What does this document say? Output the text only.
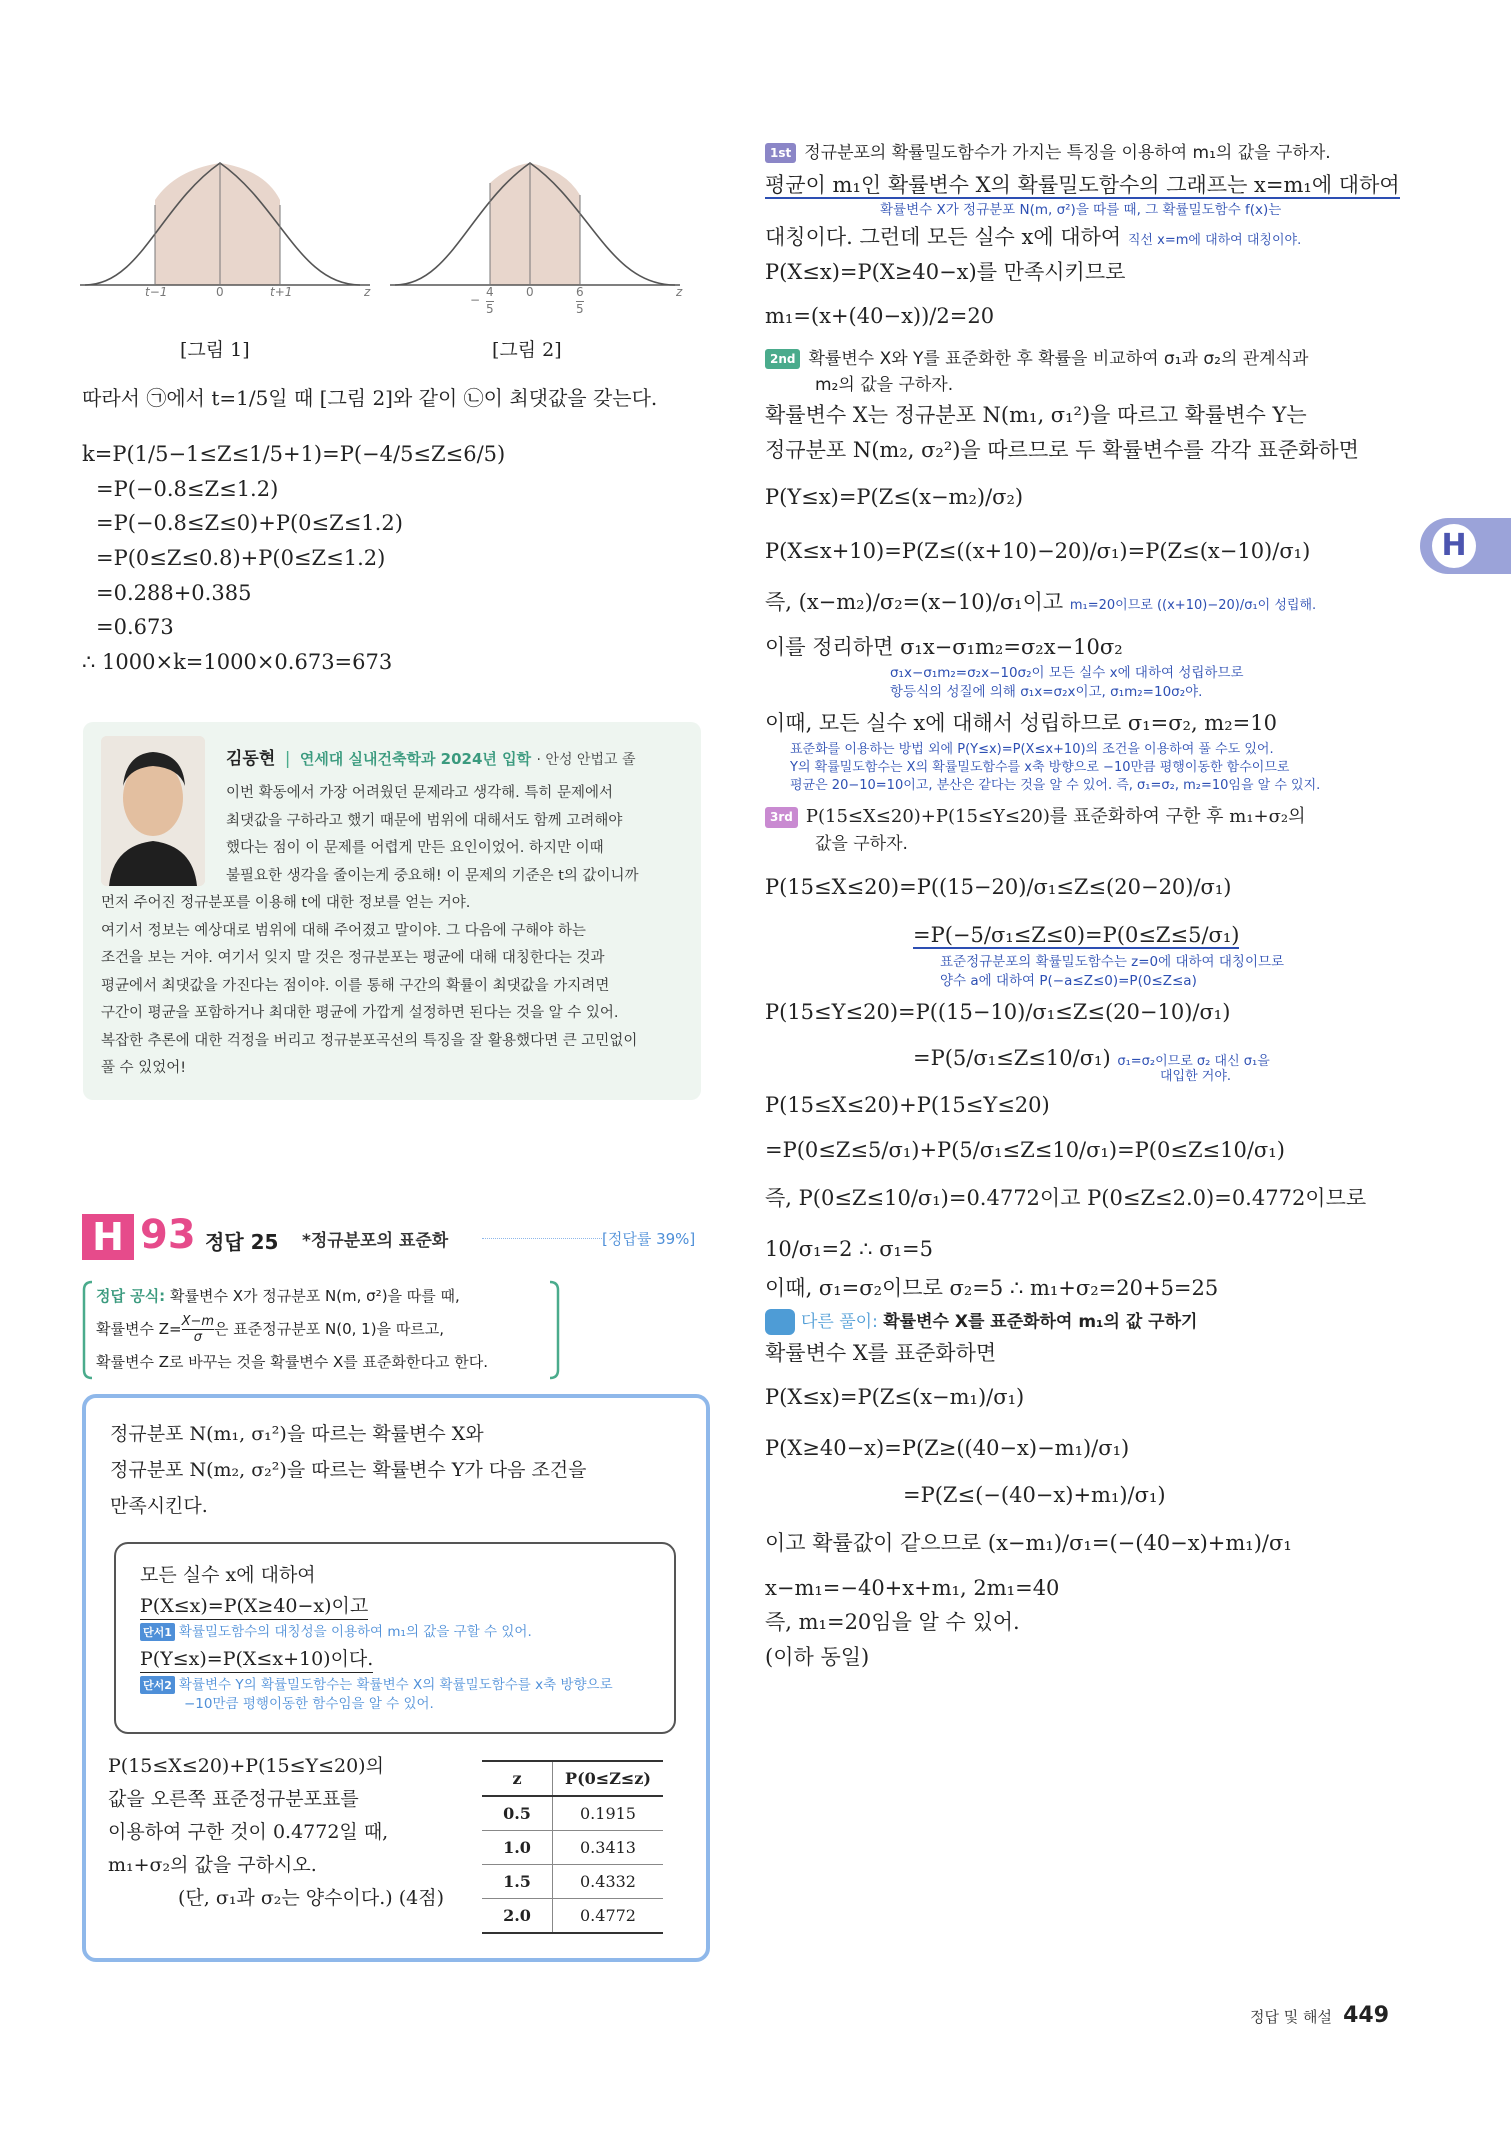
t−1	0	t+1	z
[그림 1]
−
4
5
0	6
5
z
[그림 2]
따라서 ㉠에서 t=1/5일 때 [그림 2]와 같이 ㉡이 최댓값을 갖는다.
k=P(1/5−1≤Z≤1/5+1)=P(−4/5≤Z≤6/5)
=P(−0.8≤Z≤1.2)
=P(−0.8≤Z≤0)+P(0≤Z≤1.2)
=P(0≤Z≤0.8)+P(0≤Z≤1.2)
=0.288+0.385
=0.673
∴ 1000×k=1000×0.673=673
김동현 | 연세대 실내건축학과 2024년 입학 · 안성 안법고 졸
이번 확동에서 가장 어려웠던 문제라고 생각해. 특히 문제에서
최댓값을 구하라고 했기 때문에 범위에 대해서도 함께 고려해야
했다는 점이 이 문제를 어렵게 만든 요인이었어. 하지만 이때
불필요한 생각을 줄이는게 중요해! 이 문제의 기준은 t의 값이니까
먼저 주어진 정규분포를 이용해 t에 대한 정보를 얻는 거야.
여기서 정보는 예상대로 범위에 대해 주어졌고 말이야. 그 다음에 구해야 하는
조건을 보는 거야. 여기서 잊지 말 것은 정규분포는 평균에 대해 대칭한다는 것과
평균에서 최댓값을 가진다는 점이야. 이를 통해 구간의 확률이 최댓값을 가지려면
구간이 평균을 포함하거나 최대한 평균에 가깝게 설정하면 된다는 것을 알 수 있어.
복잡한 추론에 대한 걱정을 버리고 정규분포곡선의 특징을 잘 활용했다면 큰 고민없이
풀 수 있었어!
H 93 정답 25 *정규분포의 표준화	[정답률 39%]
정답 공식: 확률변수 X가 정규분포 N(m, σ²)을 따를 때,
확률변수 $Z= \frac{X-m}{\sigma}$ 은 표준정규분포 N(0, 1)을 따르고,
확률변수 Z로 바꾸는 것을 확률변수 X를 표준화한다고 한다.
정규분포 N(m₁, σ₁²)을 따르는 확률변수 X와
정규분포 N(m₂, σ₂²)을 따르는 확률변수 Y가 다음 조건을
만족시킨다.
모든 실수 x에 대하여
P(X≤x)=P(X≥40−x)이고
단서1 확률밀도함수의 대칭성을 이용하여 m₁의 값을 구할 수 있어.
P(Y≤x)=P(X≤x+10)이다.
단서2 확률변수 Y의 확률밀도함수는 확률변수 X의 확률밀도함수를 x축 방향으로
−10만큼 평행이동한 함수임을 알 수 있어.
P(15≤X≤20)+P(15≤Y≤20)의
값을 오른쪽 표준정규분포표를
이용하여 구한 것이 0.4772일 때,
m₁+σ₂의 값을 구하시오.
(단, σ₁과 σ₂는 양수이다.) (4점)
z	P(0≤Z≤z)
0.5	0.1915
1.0	0.3413
1.5	0.4332
2.0	0.4772
1st 정규분포의 확률밀도함수가 가지는 특징을 이용하여 m₁의 값을 구하자.
평균이 m₁인 확률변수 X의 확률밀도함수의 그래프는 x=m₁에 대하여
확률변수 X가 정규분포 N(m, σ²)을 따를 때, 그 확률밀도함수 f(x)는
대칭이다. 그런데 모든 실수 x에 대하여 직선 x=m에 대하여 대칭이야.
P(X≤x)=P(X≥40−x)를 만족시키므로
m₁=(x+(40−x))/2=20
2nd 확률변수 X와 Y를 표준화한 후 확률을 비교하여 σ₁과 σ₂의 관계식과
m₂의 값을 구하자.
확률변수 X는 정규분포 N(m₁, σ₁²)을 따르고 확률변수 Y는
정규분포 N(m₂, σ₂²)을 따르므로 두 확률변수를 각각 표준화하면
P(Y≤x)=P(Z≤(x−m₂)/σ₂)
P(X≤x+10)=P(Z≤((x+10)−20)/σ₁)=P(Z≤(x−10)/σ₁)
즉, (x−m₂)/σ₂=(x−10)/σ₁이고 m₁=20이므로 ((x+10)−20)/σ₁이 성립해.
이를 정리하면 σ₁x−σ₁m₂=σ₂x−10σ₂
σ₁x−σ₁m₂=σ₂x−10σ₂이 모든 실수 x에 대하여 성립하므로
항등식의 성질에 의해 σ₁x=σ₂x이고, σ₁m₂=10σ₂야.
이때, 모든 실수 x에 대해서 성립하므로 σ₁=σ₂, m₂=10
표준화를 이용하는 방법 외에 P(Y≤x)=P(X≤x+10)의 조건을 이용하여 풀 수도 있어.
Y의 확률밀도함수는 X의 확률밀도함수를 x축 방향으로 −10만큼 평행이동한 함수이므로
평균은 20−10=10이고, 분산은 같다는 것을 알 수 있어. 즉, σ₁=σ₂, m₂=10임을 알 수 있지.
3rd P(15≤X≤20)+P(15≤Y≤20)를 표준화하여 구한 후 m₁+σ₂의
값을 구하자.
P(15≤X≤20)=P((15−20)/σ₁≤Z≤(20−20)/σ₁)
=P(−5/σ₁≤Z≤0)=P(0≤Z≤5/σ₁)
표준정규분포의 확률밀도함수는 z=0에 대하여 대칭이므로
양수 a에 대하여 P(−a≤Z≤0)=P(0≤Z≤a)
P(15≤Y≤20)=P((15−10)/σ₁≤Z≤(20−10)/σ₁)
=P(5/σ₁≤Z≤10/σ₁) σ₁=σ₂이므로 σ₂ 대신 σ₁을
대입한 거야.
P(15≤X≤20)+P(15≤Y≤20)
=P(0≤Z≤5/σ₁)+P(5/σ₁≤Z≤10/σ₁)=P(0≤Z≤10/σ₁)
즉, P(0≤Z≤10/σ₁)=0.4772이고 P(0≤Z≤2.0)=0.4772이므로
10/σ₁=2 ∴ σ₁=5
이때, σ₁=σ₂이므로 σ₂=5 ∴ m₁+σ₂=20+5=25
다른 풀이: 확률변수 X를 표준화하여 m₁의 값 구하기
확률변수 X를 표준화하면
P(X≤x)=P(Z≤(x−m₁)/σ₁)
P(X≥40−x)=P(Z≥((40−x)−m₁)/σ₁)
=P(Z≤(−(40−x)+m₁)/σ₁)
이고 확률값이 같으므로 (x−m₁)/σ₁=(−(40−x)+m₁)/σ₁
x−m₁=−40+x+m₁, 2m₁=40
즉, m₁=20임을 알 수 있어.
(이하 동일)
H
정답 및 해설 449
